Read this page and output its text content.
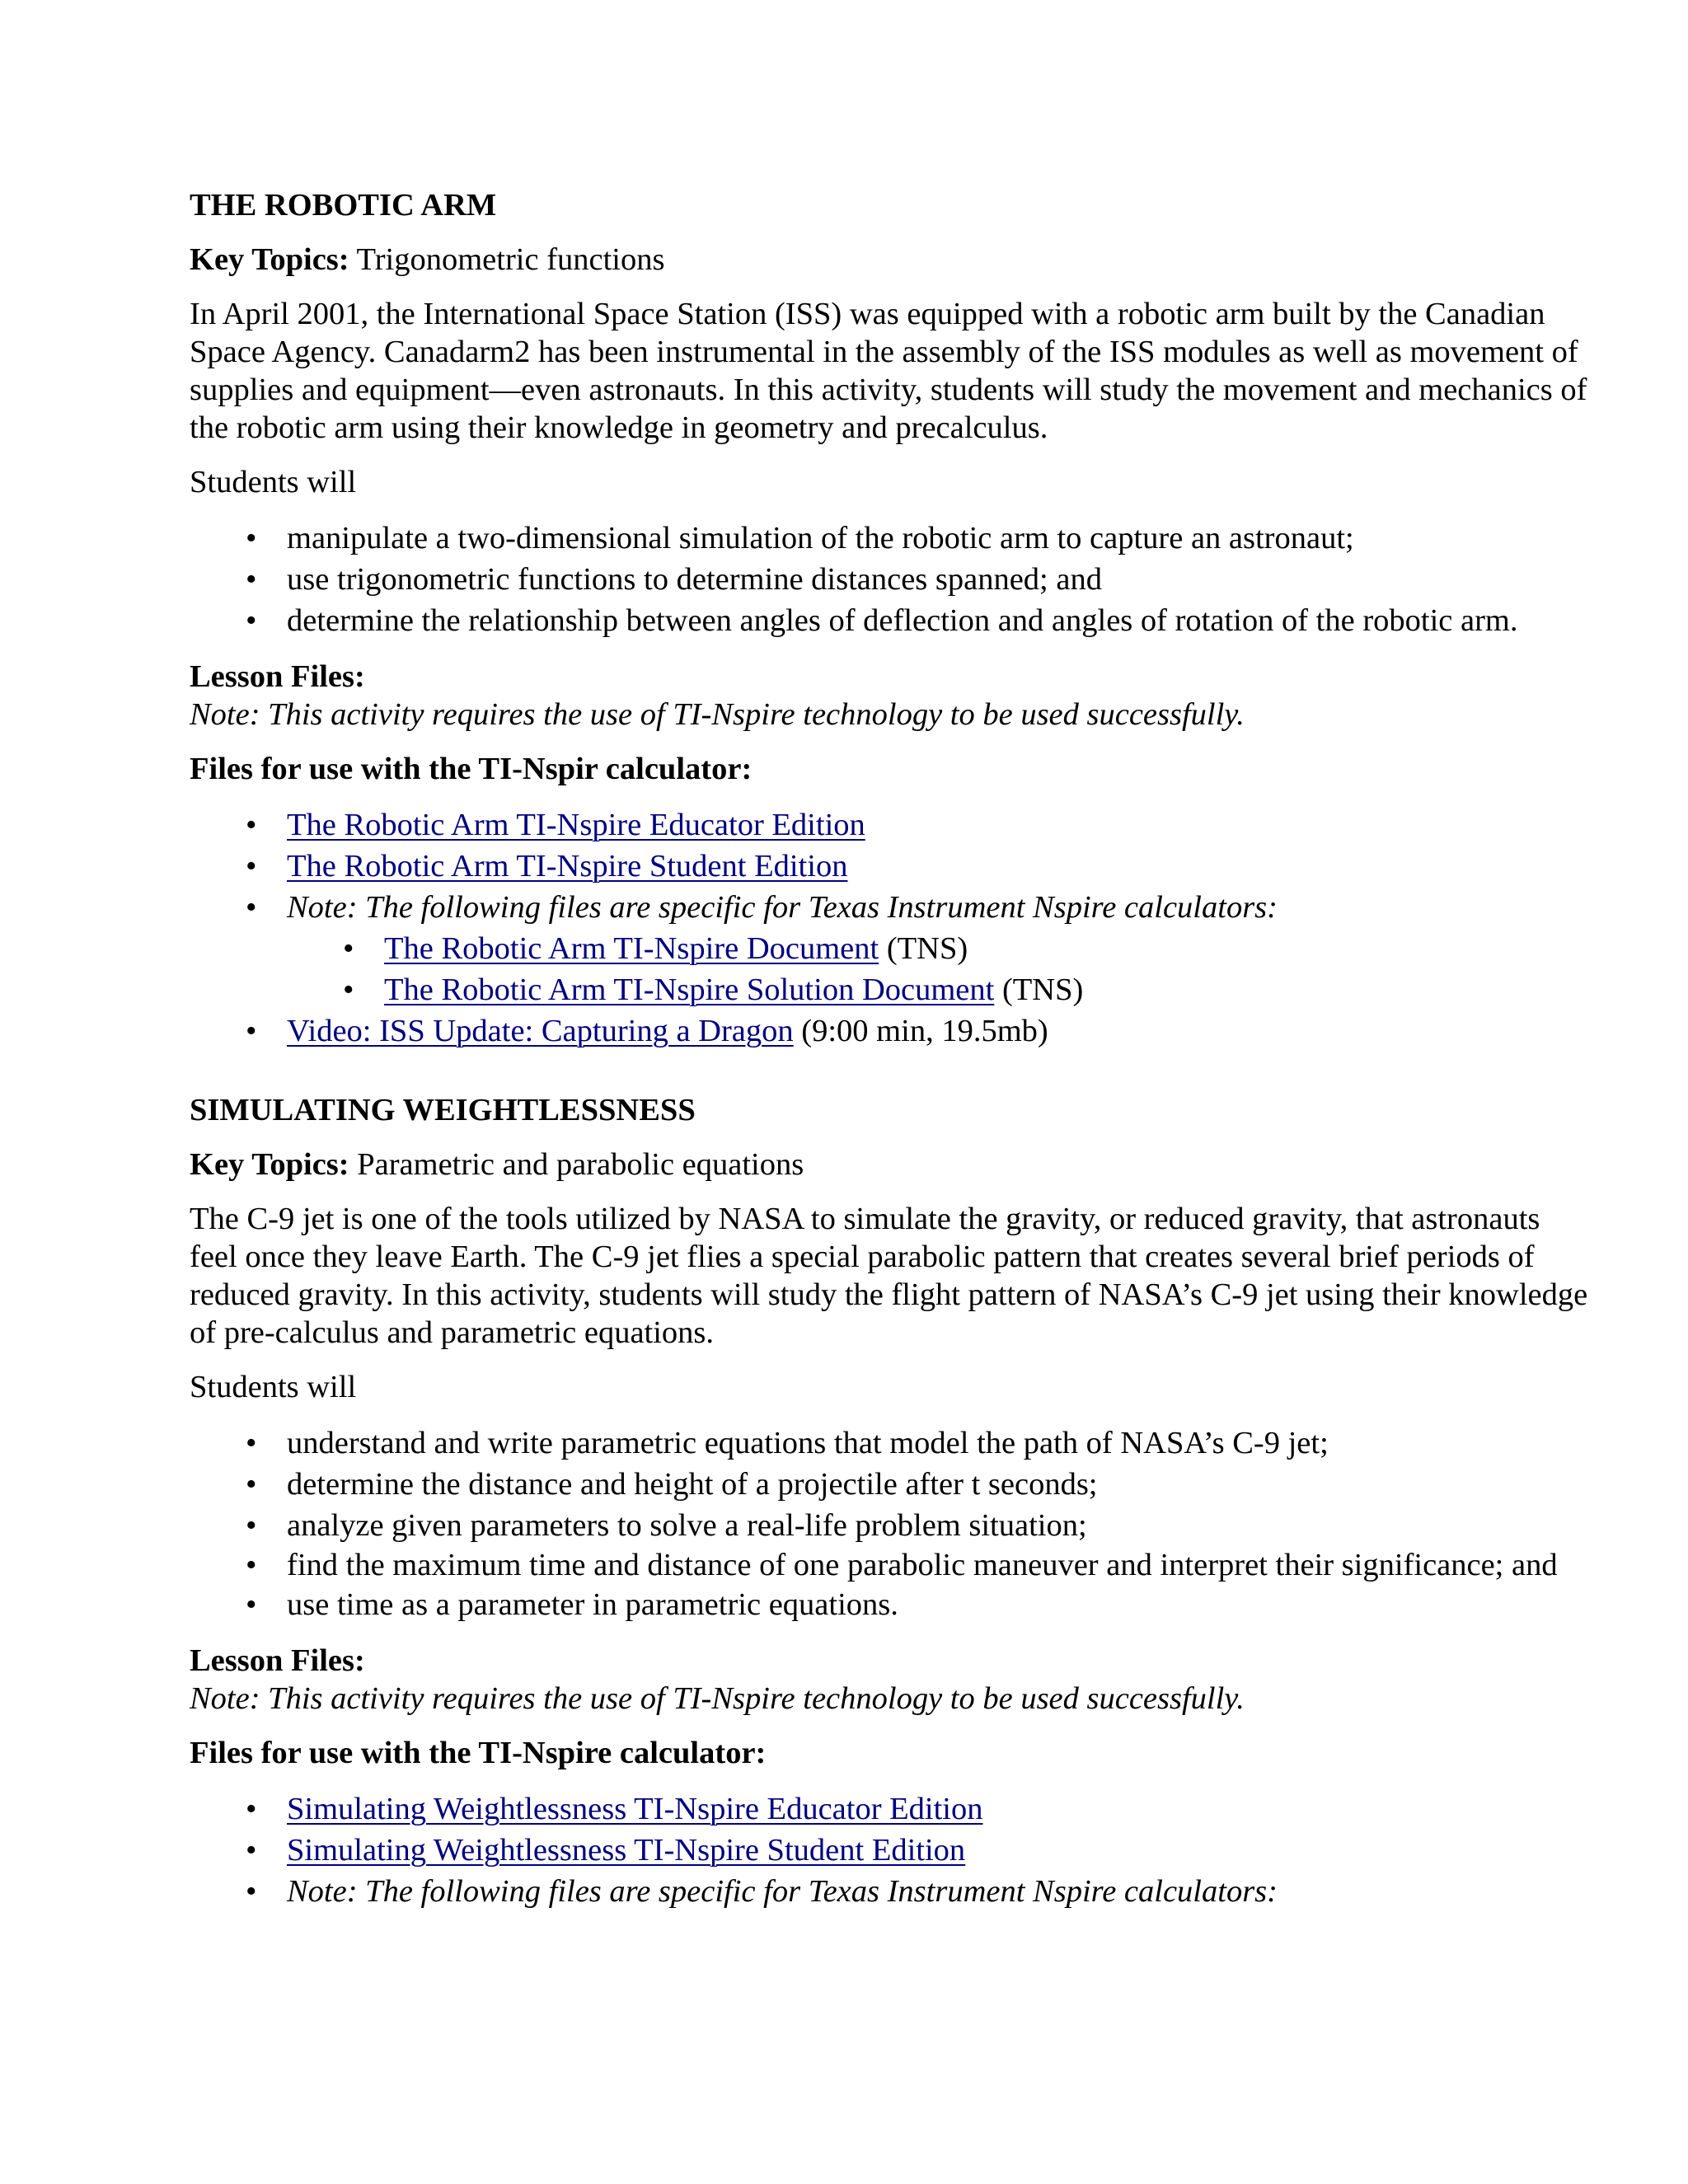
THE ROBOTIC ARM

Key Topics: Trigonometric functions

In April 2001, the International Space Station (ISS) was equipped with a robotic arm built by the Canadian Space Agency. Canadarm2 has been instrumental in the assembly of the ISS modules as well as movement of supplies and equipment—even astronauts. In this activity, students will study the movement and mechanics of the robotic arm using their knowledge in geometry and precalculus.

Students will

• manipulate a two-dimensional simulation of the robotic arm to capture an astronaut;
• use trigonometric functions to determine distances spanned; and
• determine the relationship between angles of deflection and angles of rotation of the robotic arm.
Lesson Files:
Note: This activity requires the use of TI-Nspire technology to be used successfully.

Files for use with the TI-Nspir calculator:

• The Robotic Arm TI-Nspire Educator Edition
• The Robotic Arm TI-Nspire Student Edition
• Note: The following files are specific for Texas Instrument Nspire calculators:
• The Robotic Arm TI-Nspire Document (TNS)
• The Robotic Arm TI-Nspire Solution Document (TNS)
• Video: ISS Update: Capturing a Dragon (9:00 min, 19.5mb)
SIMULATING WEIGHTLESSNESS

Key Topics: Parametric and parabolic equations

The C-9 jet is one of the tools utilized by NASA to simulate the gravity, or reduced gravity, that astronauts feel once they leave Earth. The C-9 jet flies a special parabolic pattern that creates several brief periods of reduced gravity. In this activity, students will study the flight pattern of NASA’s C-9 jet using their knowledge of pre-calculus and parametric equations.

Students will

• understand and write parametric equations that model the path of NASA’s C-9 jet;
• determine the distance and height of a projectile after t seconds;
• analyze given parameters to solve a real-life problem situation;
• find the maximum time and distance of one parabolic maneuver and interpret their significance; and
• use time as a parameter in parametric equations.
Lesson Files:
Note: This activity requires the use of TI-Nspire technology to be used successfully.

Files for use with the TI-Nspire calculator:

• Simulating Weightlessness TI-Nspire Educator Edition
• Simulating Weightlessness TI-Nspire Student Edition
• Note: The following files are specific for Texas Instrument Nspire calculators:
